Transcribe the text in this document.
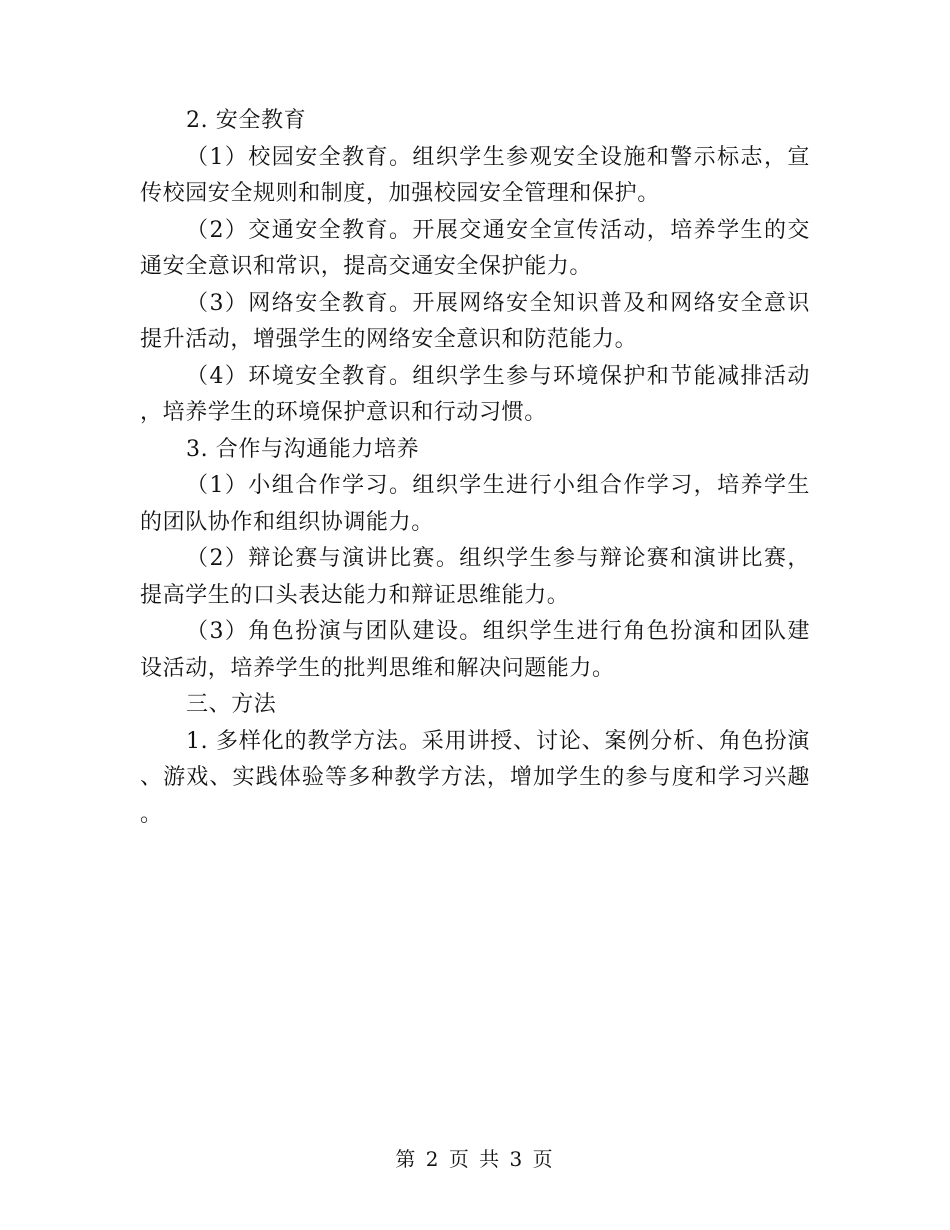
2. 安全教育

（1）校园安全教育。组织学生参观安全设施和警示标志，宣传校园安全规则和制度，加强校园安全管理和保护。

（2）交通安全教育。开展交通安全宣传活动，培养学生的交通安全意识和常识，提高交通安全保护能力。

（3）网络安全教育。开展网络安全知识普及和网络安全意识提升活动，增强学生的网络安全意识和防范能力。

（4）环境安全教育。组织学生参与环境保护和节能减排活动，培养学生的环境保护意识和行动习惯。

3. 合作与沟通能力培养

（1）小组合作学习。组织学生进行小组合作学习，培养学生的团队协作和组织协调能力。

（2）辩论赛与演讲比赛。组织学生参与辩论赛和演讲比赛，提高学生的口头表达能力和辩证思维能力。

（3）角色扮演与团队建设。组织学生进行角色扮演和团队建设活动，培养学生的批判思维和解决问题能力。

三、方法

1. 多样化的教学方法。采用讲授、讨论、案例分析、角色扮演、游戏、实践体验等多种教学方法，增加学生的参与度和学习兴趣。

第 2 页 共 3 页
